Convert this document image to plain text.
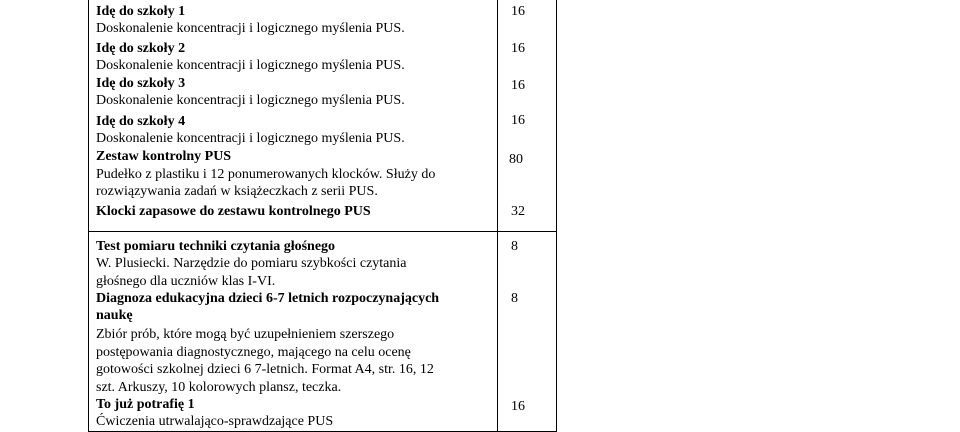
Idę do szkoły 1
Doskonalenie koncentracji i logicznego myślenia PUS.
16
Idę do szkoły 2
Doskonalenie koncentracji i logicznego myślenia PUS.
16
Idę do szkoły 3
Doskonalenie koncentracji i logicznego myślenia PUS.
16
Idę do szkoły 4
Doskonalenie koncentracji i logicznego myślenia PUS.
16
Zestaw kontrolny PUS
Pudełko z plastiku i 12 ponumerowanych klocków. Służy do
rozwiązywania zadań w książeczkach z serii PUS.
80
Klocki zapasowe do zestawu kontrolnego PUS	32
Test pomiaru techniki czytania głośnego
W. Plusiecki. Narzędzie do pomiaru szybkości czytania
głośnego dla uczniów klas I-VI.
8
Diagnoza edukacyjna dzieci 6-7 letnich rozpoczynających
naukę
Zbiór prób, które mogą być uzupełnieniem szerszego
postępowania diagnostycznego, mającego na celu ocenę
gotowości szkolnej dzieci 6 7-letnich. Format A4, str. 16, 12
szt. Arkuszy, 10 kolorowych plansz, teczka.
8
To już potrafię 1
Ćwiczenia utrwalająco-sprawdzające PUS
16
